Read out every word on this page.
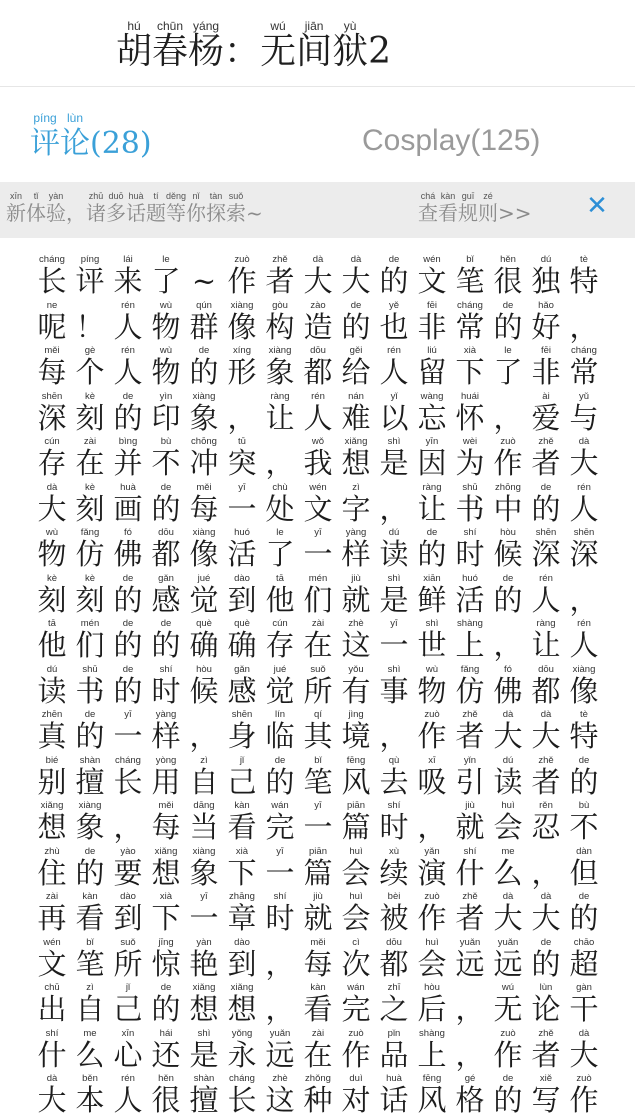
hú
胡
chūn
春
yáng
杨 ：
wú
无
jiān
间
yù
狱 2
píng
评
lùn
论 (28)	Cosplay(125)
xīn
新
tǐ
体
yàn
验 ，
zhū
诸
duō
多
huà
话
tí
题
děng
等
nǐ
你
tàn
探
suǒ
索 ~
chá
查
kàn
看
guī
规
zé
则 >> ✕
cháng
长
píng
评
lái
来
le
了 ~
zuò
作
zhě
者
dà
大
dà
大
de
的
wén
文
bǐ
笔
hěn
很
dú
独
tè
特
ne
呢 ！
rén
人
wù
物
qún
群
xiàng
像
gòu
构
zào
造
de
的
yě
也
fēi
非
cháng
常
de
的
hǎo
好 ，
měi
每
gè
个
rén
人
wù
物
de
的
xíng
形
xiàng
象
dōu
都
gěi
给
rén
人
liú
留
xià
下
le
了
fēi
非
cháng
常
shēn
深
kè
刻
de
的
yìn
印
xiàng
象 ，
ràng
让
rén
人
nán
难
yǐ
以
wàng
忘
huái
怀 ，
ài
爱
yǔ
与
cún
存
zài
在
bìng
并
bù
不
chōng
冲
tū
突 ，
wǒ
我
xiǎng
想
shì
是
yīn
因
wèi
为
zuò
作
zhě
者
dà
大
dà
大
kè
刻
huà
画
de
的
měi
每
yī
一
chù
处
wén
文
zì
字 ，
ràng
让
shū
书
zhōng
中
de
的
rén
人
wù
物
fǎng
仿
fó
佛
dōu
都
xiàng
像
huó
活
le
了
yī
一
yàng
样
dú
读
de
的
shí
时
hòu
候
shēn
深
shēn
深
kè
刻
kè
刻
de
的
gǎn
感
jué
觉
dào
到
tā
他
mén
们
jiù
就
shì
是
xiān
鲜
huó
活
de
的
rén
人 ，
tā
他
mén
们
de
的
de
的
què
确
què
确
cún
存
zài
在
zhè
这
yī
一
shì
世
shàng
上 ，
ràng
让
rén
人
dú
读
shū
书
de
的
shí
时
hòu
候
gǎn
感
jué
觉
suǒ
所
yǒu
有
shì
事
wù
物
fǎng
仿
fó
佛
dōu
都
xiàng
像
zhēn
真
de
的
yī
一
yàng
样 ，
shēn
身
lín
临
qí
其
jìng
境 ，
zuò
作
zhě
者
dà
大
dà
大
tè
特
bié
别
shàn
擅
cháng
长
yòng
用
zì
自
jǐ
己
de
的
bǐ
笔
fēng
风
qù
去
xī
吸
yǐn
引
dú
读
zhě
者
de
的
xiǎng
想
xiàng
象 ，
měi
每
dāng
当
kàn
看
wán
完
yī
一
piān
篇
shí
时 ，
jiù
就
huì
会
rěn
忍
bù
不
zhù
住
de
的
yào
要
xiǎng
想
xiàng
象
xià
下
yī
一
piān
篇
huì
会
xù
续
yǎn
演
shí
什
me
么 ，
dàn
但
zài
再
kàn
看
dào
到
xià
下
yī
一
zhāng
章
shí
时
jiù
就
huì
会
bèi
被
zuò
作
zhě
者
dà
大
dà
大
de
的
wén
文
bǐ
笔
suǒ
所
jīng
惊
yàn
艳
dào
到 ，
měi
每
cì
次
dōu
都
huì
会
yuǎn
远
yuǎn
远
de
的
chāo
超
chū
出
zì
自
jǐ
己
de
的
xiǎng
想
xiǎng
想 ，
kàn
看
wán
完
zhī
之
hòu
后 ，
wú
无
lùn
论
gàn
干
shí
什
me
么
xīn
心
hái
还
shì
是
yǒng
永
yuǎn
远
zài
在
zuò
作
pǐn
品
shàng
上 ，
zuò
作
zhě
者
dà
大
dà
大
běn
本
rén
人
hěn
很
shàn
擅
cháng
长
zhè
这
zhǒng
种
duì
对
huà
话
fēng
风
gé
格
de
的
xiě
写
zuò
作
